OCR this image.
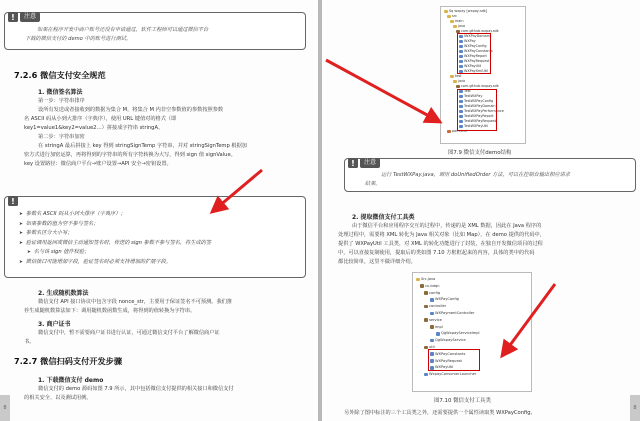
!	注意
如果在程序开发中商户账号还没有申请通过，软件工程师可以通过微信平台
下载的微信支付的 demo 中的账号进行测试。
7.2.6 微信支付安全规范
1. 微信签名算法
第一步：字符串排序
设所有发送或者接收到的数据为集合 M，将集合 M 内非空参数值的参数按照参数
名 ASCII 码从小到大排序（字典序），使用 URL 键值对的格式（即
key1=value1&key2=value2…）拼接成字符串 stringA。
第二步：字符串加密
在 stringA 最后拼接上 key 得到 stringSignTemp 字符串，并对 stringSignTemp 根据加
密方式进行加密运算，再将得到的字符串的所有字符转换为大写，得到 sign 值 signValue。
key 设置路径：微信商户平台→账户设置→API 安全→密钥设置。
!
➤ 参数名 ASCII 码从小到大排序（字典序）；
➤ 如果参数的值为空不参与签名；
➤ 参数名区分大小写；
➤ 验证调用返回或微信主动通知签名时，传送的 sign 参数不参与签名，将生成的签
➤ 名与该 sign 值作校验；
➤ 微信接口可能增加字段，验证签名时必须支持增加的扩展字段。
2. 生成随机数算法
微信支付 API 接口协议中包含字段 nonce_str，主要用于保证签名不可预测。我们推
荐生成随机数算法如下：调用随机数函数生成，将得到的值转换为字符串。
3. 商户证书
微信支付中，暂不需要商户证书进行认证，可通过微信支付平台了解微信商户证
书。
7.2.7 微信扫码支付开发步骤
1. 下载微信支付 demo
微信支付的 demo 源码如图 7.9 所示，其中包括微信支付提供的相关接口和微信支付
的相关安全、以及测试用例。
8
Sq wxpay [wxpay-sdk]
src
main
java
com.github.wxpay.sdk
IWXPayDomain
WXPay
WXPayConfig
WXPayConstants
WXPayReport
WXPayRequest
WXPayUtil
WXPayXmlUtil
test
java
com.github.wxpay.sdk
Test
TestWXPay
TestWXPayConfig
TestWXPayDomain
TestWXPayPerformance
TestWXPayReport
TestWXPayRequest
TestWXPayUtil
pom.xml
图7.9 微信支付demo结构
!	注意
运行 TestWXPay.java，调用 doUnifiedOrder 方法，可以在控制台输出相应请求
结果。
2. 提取微信支付工具类
由于微信平台和应用程序交互的过程中，传递的是 XML 数据，因此在 Java 程序的
处理过程中，需要将 XML 转化为 Java 相关对象（比如 Map），在 demo 提供的代码中，
提供了 WXPayUtil 工具类，对 XML 的转化功能进行了封装，在独自开发微信项目的过程
中，可以直接复制使用，提取后的类如图 7.10 方框框起来的内容，具体的类中的代码
都比较简单，这里不做详细介绍。
Src.java
cn.bdqn
config
WXPayConfig
controller
WXPaymentController
service
impl
QgWxpayServiceImpl
QgWxpayService
util
WXPayConstants
WXPayRequest
WXPayUtil
WxpayConsumerLauncher
图7.10 微信支付工具类
另外除了图中标注的三个工具类之外，还需要提供一个属性读取类 WXPayConfig,
8
